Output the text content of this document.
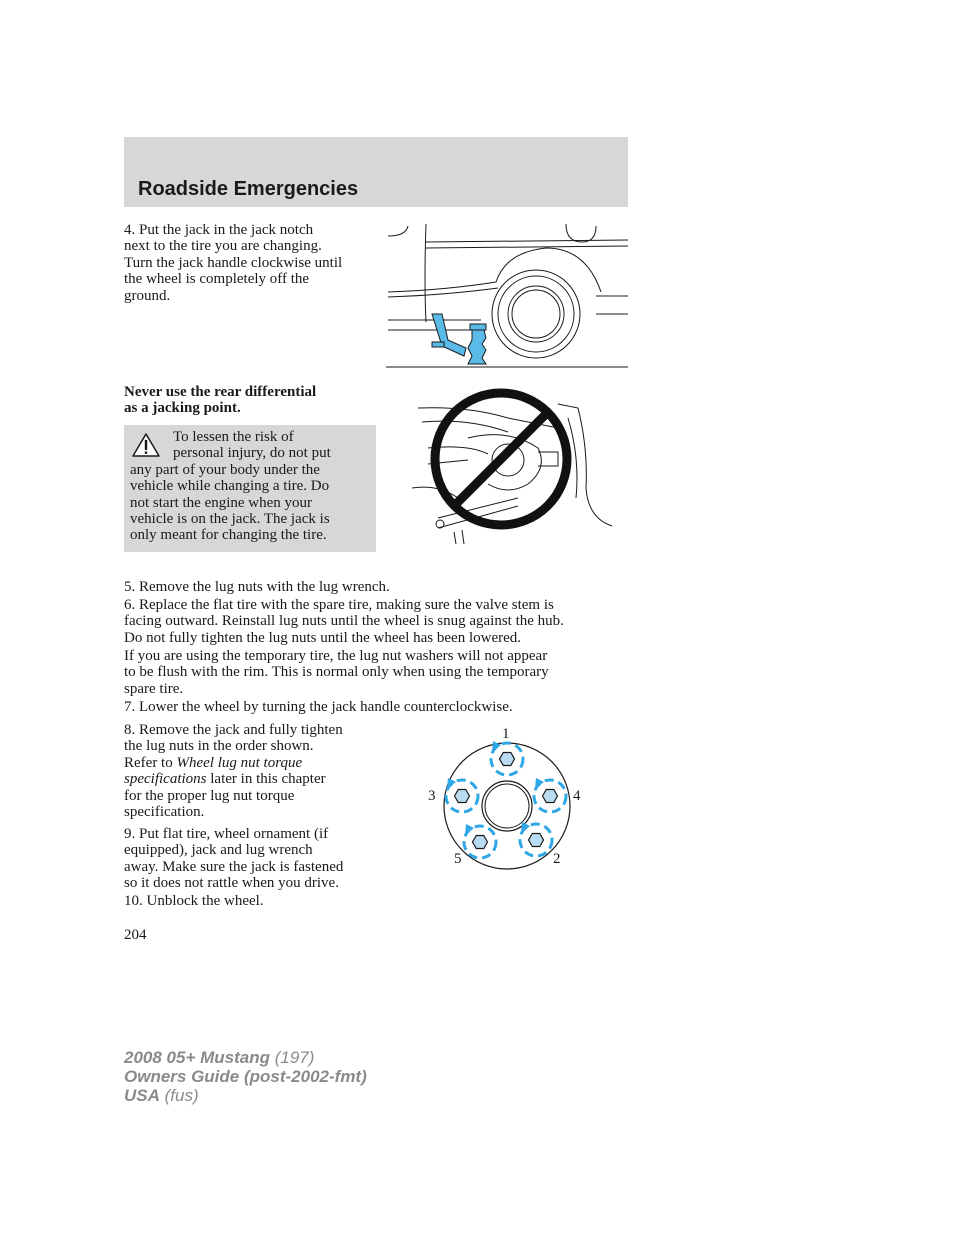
Roadside Emergencies

4. Put the jack in the jack notch

next to the tire you are changing.

Turn the jack handle clockwise until

the wheel is completely off the

ground.

Never use the rear differential

as a jacking point.

To lessen the risk of

personal injury, do not put

any part of your body under the

vehicle while changing a tire. Do

not start the engine when your

vehicle is on the jack. The jack is

only meant for changing the tire.

5. Remove the lug nuts with the lug wrench.

6. Replace the flat tire with the spare tire, making sure the valve stem is

facing outward. Reinstall lug nuts until the wheel is snug against the hub.

Do not fully tighten the lug nuts until the wheel has been lowered.

If you are using the temporary tire, the lug nut washers will not appear

to be flush with the rim. This is normal only when using the temporary

spare tire.

7. Lower the wheel by turning the jack handle counterclockwise.

8. Remove the jack and fully tighten

the lug nuts in the order shown.

Refer to Wheel lug nut torque

specifications later in this chapter

for the proper lug nut torque

specification.

9. Put flat tire, wheel ornament (if

equipped), jack and lug wrench

away. Make sure the jack is fastened

so it does not rattle when you drive.

10. Unblock the wheel.
1
2
3	4
5
204

2008 05+ Mustang (197)

Owners Guide (post-2002-fmt)

USA (fus)
